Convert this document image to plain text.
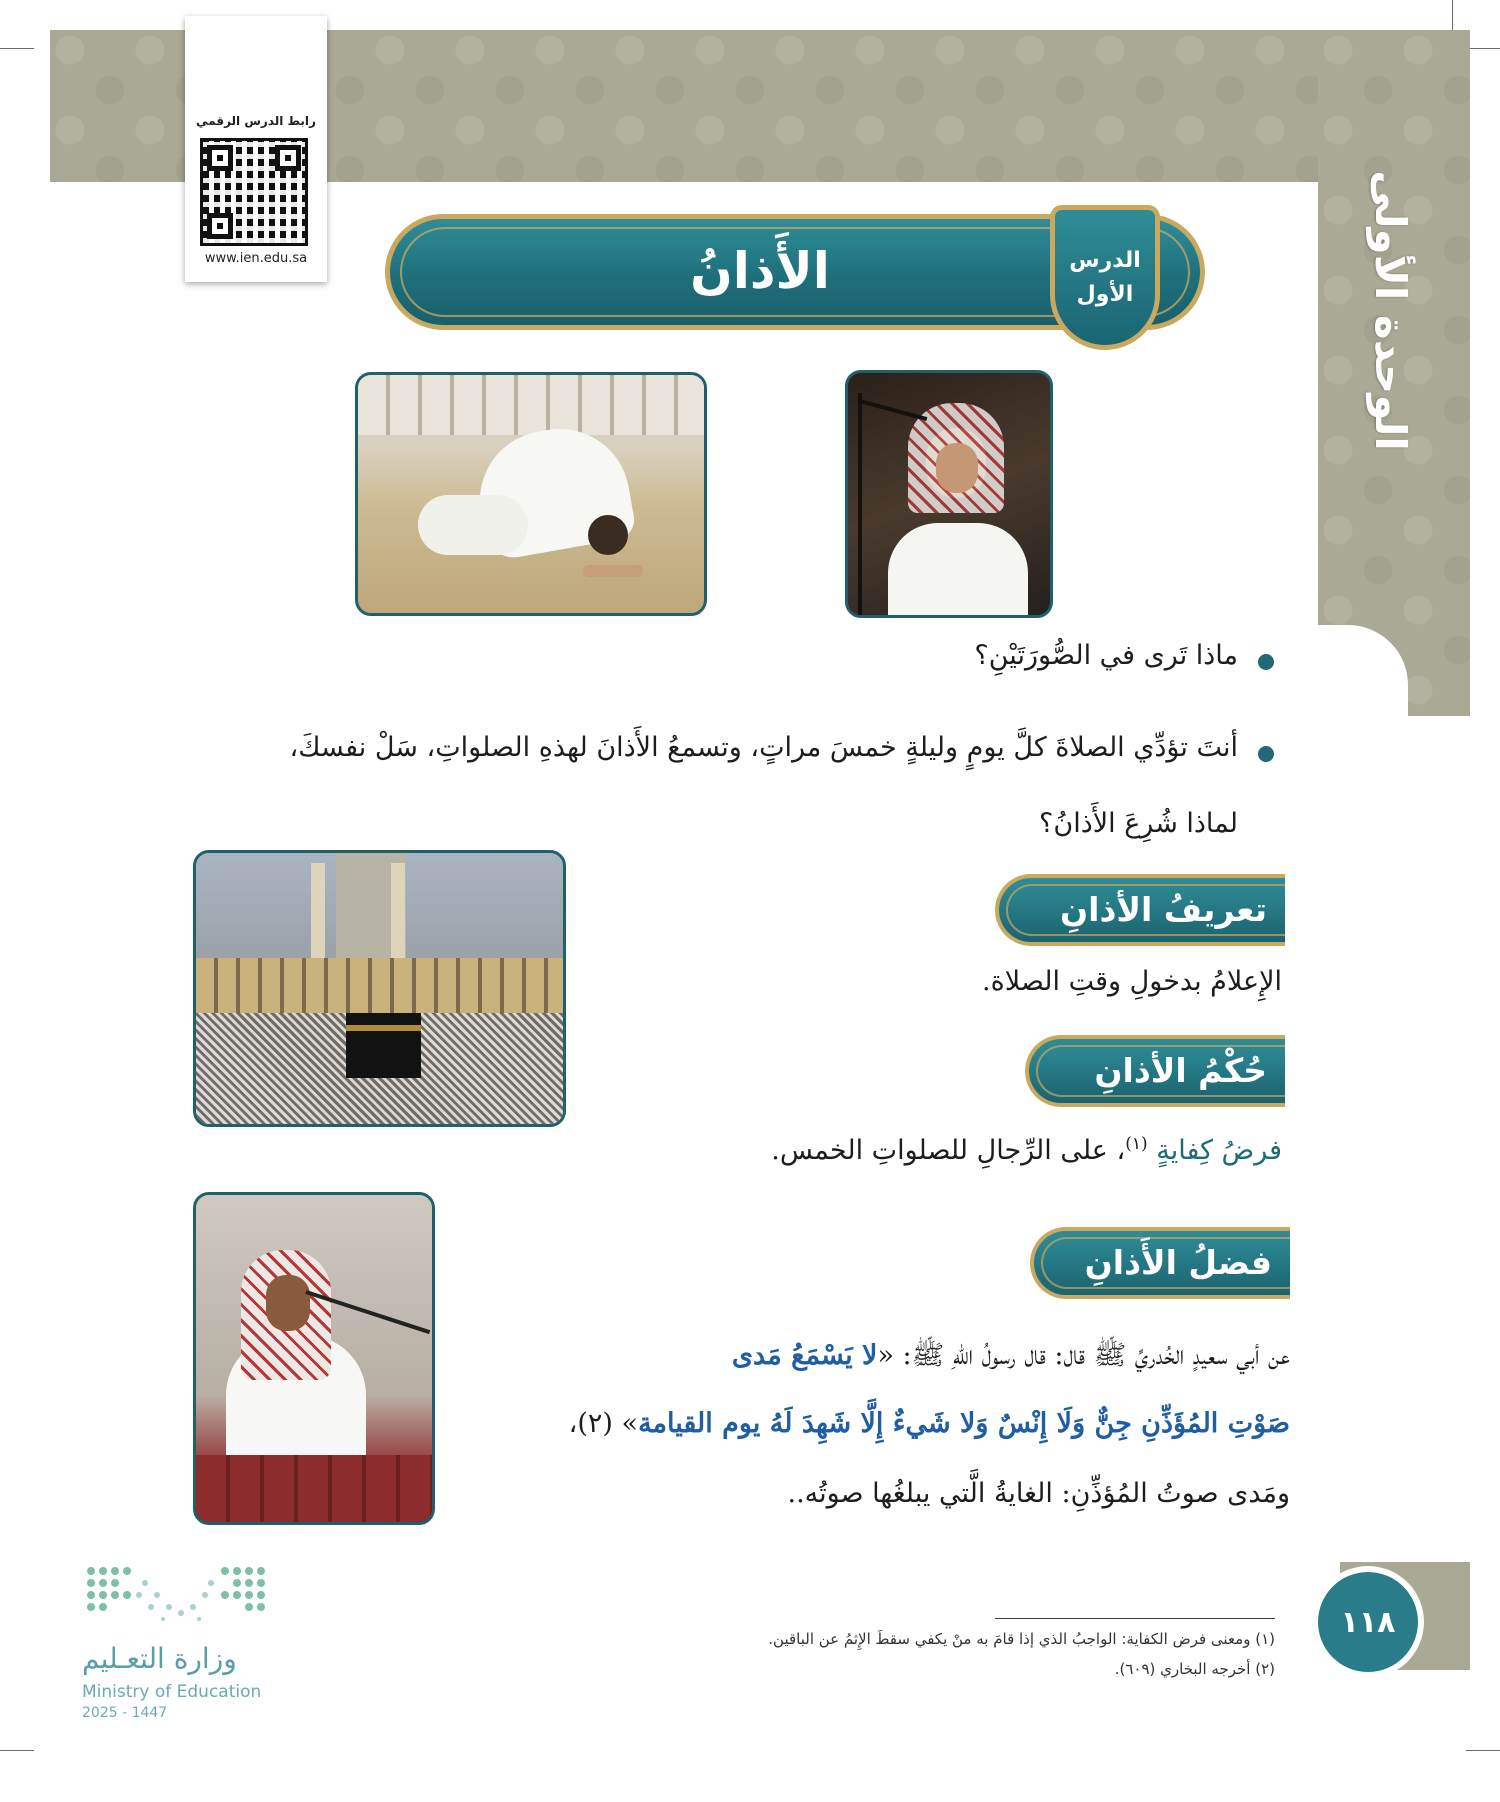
الوحدة الأولى
رابط الدرس الرقمي
www.ien.edu.sa	الأَذانُ	الدرس
الأول
ماذا تَرى في الصُّورَتَيْنِ؟
أنتَ تؤدِّي الصلاةَ كلَّ يومٍ وليلةٍ خمسَ مراتٍ، وتسمعُ الأَذانَ لهذهِ الصلواتِ، سَلْ نفسكَ،
لماذا شُرِعَ الأَذانُ؟
تعريفُ الأذانِ
الإِعلامُ بدخولِ وقتِ الصلاة.
حُكْمُ الأذانِ
فرضُ كِفايةٍ $^{(١)}$، على الرِّجالِ للصلواتِ الخمس.
فضلُ الأَذانِ
عن أبي سعيدٍ الخُدريِّ ﷺ قال: قال رسولُ اللهِ ﷺ: «لا يَسْمَعُ مَدى
صَوْتِ المُؤَذِّنِ جِنٌّ وَلَا إِنْسٌ وَلا شَيءٌ إِلَّا شَهِدَ لَهُ يوم القيامة» (٢)،
ومَدى صوتُ المُؤذِّنِ: الغايةُ الَّتي يبلغُها صوتُه..
١١٨
(١) ومعنى فرض الكفاية: الواجبُ الذي إذا قامَ به منْ يكفي سقطَ الإِثمُ عن الباقين.
(٢) أخرجه البخاري (٦٠٩).
وزارة التعـليم
Ministry of Education
2025 - 1447
